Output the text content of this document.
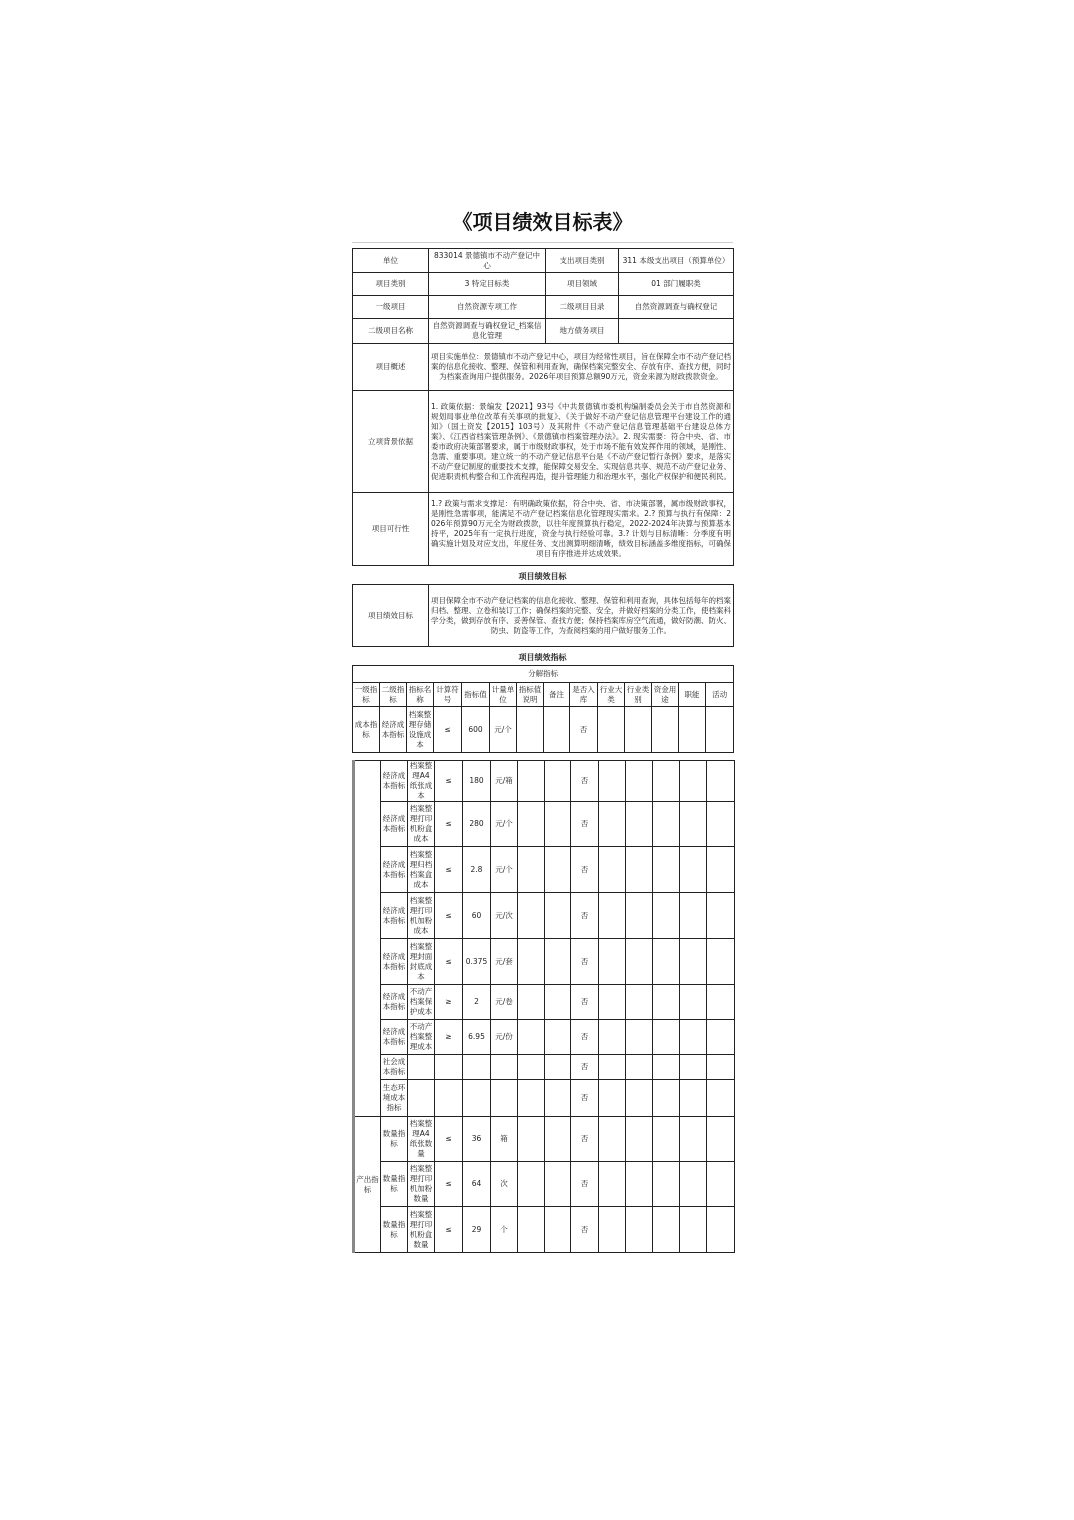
《项目绩效目标表》
单位	833014 景德镇市不动产登记中心	支出项目类别	311 本级支出项目（预算单位）
项目类别	3 特定目标类	项目领域	01 部门履职类
一级项目	自然资源专项工作	二级项目目录	自然资源调查与确权登记
二级项目名称	自然资源调查与确权登记_档案信息化管理	地方债务项目	
项目概述	项目实施单位：景德镇市不动产登记中心，项目为经常性项目，旨在保障全市不动产登记档案的信息化接收、整理、保管和利用查询，确保档案完整安全、存放有序、查找方便，同时为档案查询用户提供服务。2026年项目预算总额90万元，资金来源为财政拨款资金。		
立项背景依据	1. 政策依据：景编发【2021】93号《中共景德镇市委机构编制委员会关于市自然资源和规划局事业单位改革有关事项的批复》、《关于做好不动产登记信息管理平台建设工作的通知》（国土资发【2015】103号）及其附件《不动产登记信息管理基础平台建设总体方案》、《江西省档案管理条例》、《景德镇市档案管理办法》。2. 现实需要：符合中央、省、市委市政府决策部署要求，属于市级财政事权，处于市场不能有效发挥作用的领域，是刚性、急需、重要事项。建立统一的不动产登记信息平台是《不动产登记暂行条例》要求，是落实不动产登记制度的重要技术支撑，能保障交易安全、实现信息共享、规范不动产登记业务、促进职责机构整合和工作流程再造，提升管理能力和治理水平，强化产权保护和便民利民。		
项目可行性	1.? 政策与需求支撑足：有明确政策依据，符合中央、省、市决策部署，属市级财政事权，是刚性急需事项，能满足不动产登记档案信息化管理现实需求。2.? 预算与执行有保障：2026年预算90万元全为财政拨款，以往年度预算执行稳定，2022-2024年决算与预算基本持平，2025年有一定执行进度，资金与执行经验可靠。3.? 计划与目标清晰：分季度有明确实施计划及对应支出，年度任务、支出测算明细清晰，绩效目标涵盖多维度指标，可确保项目有序推进并达成效果。		
项目绩效目标
项目绩效目标	项目保障全市不动产登记档案的信息化接收、整理、保管和利用查询，具体包括每年的档案归档、整理、立卷和装订工作；确保档案的完整、安全，并做好档案的分类工作，使档案科学分类，做到存放有序、妥善保管、查找方便；保持档案库房空气流通，做好防潮、防火、防虫、防盗等工作，为查阅档案的用户做好服务工作。
项目绩效指标
分解指标													
一级指标	二级指标	指标名称	计算符号	指标值	计量单位	指标值说明	备注	是否入库	行业大类	行业类别	资金用途	职能	活动
成本指标	经济成本指标	档案整理存储设施成本	≤	600	元/个			否					
	经济成本指标	档案整理A4纸张成本	≤	180	元/箱			否					
	经济成本指标	档案整理打印机粉盒成本	≤	280	元/个			否					
	经济成本指标	档案整理归档档案盒成本	≤	2.8	元/个			否					
	经济成本指标	档案整理打印机加粉成本	≤	60	元/次			否					
	经济成本指标	档案整理封面封底成本	≤	0.375	元/套			否					
	经济成本指标	不动产档案保护成本	≥	2	元/卷			否					
	经济成本指标	不动产档案整理成本	≥	6.95	元/份			否					
	社会成本指标							否					
	生态环境成本指标							否					
产出指标	数量指标	档案整理A4纸张数量	≤	36	箱			否					
	数量指标	档案整理打印机加粉数量	≤	64	次			否					
	数量指标	档案整理打印机粉盒数量	≤	29	个			否					
